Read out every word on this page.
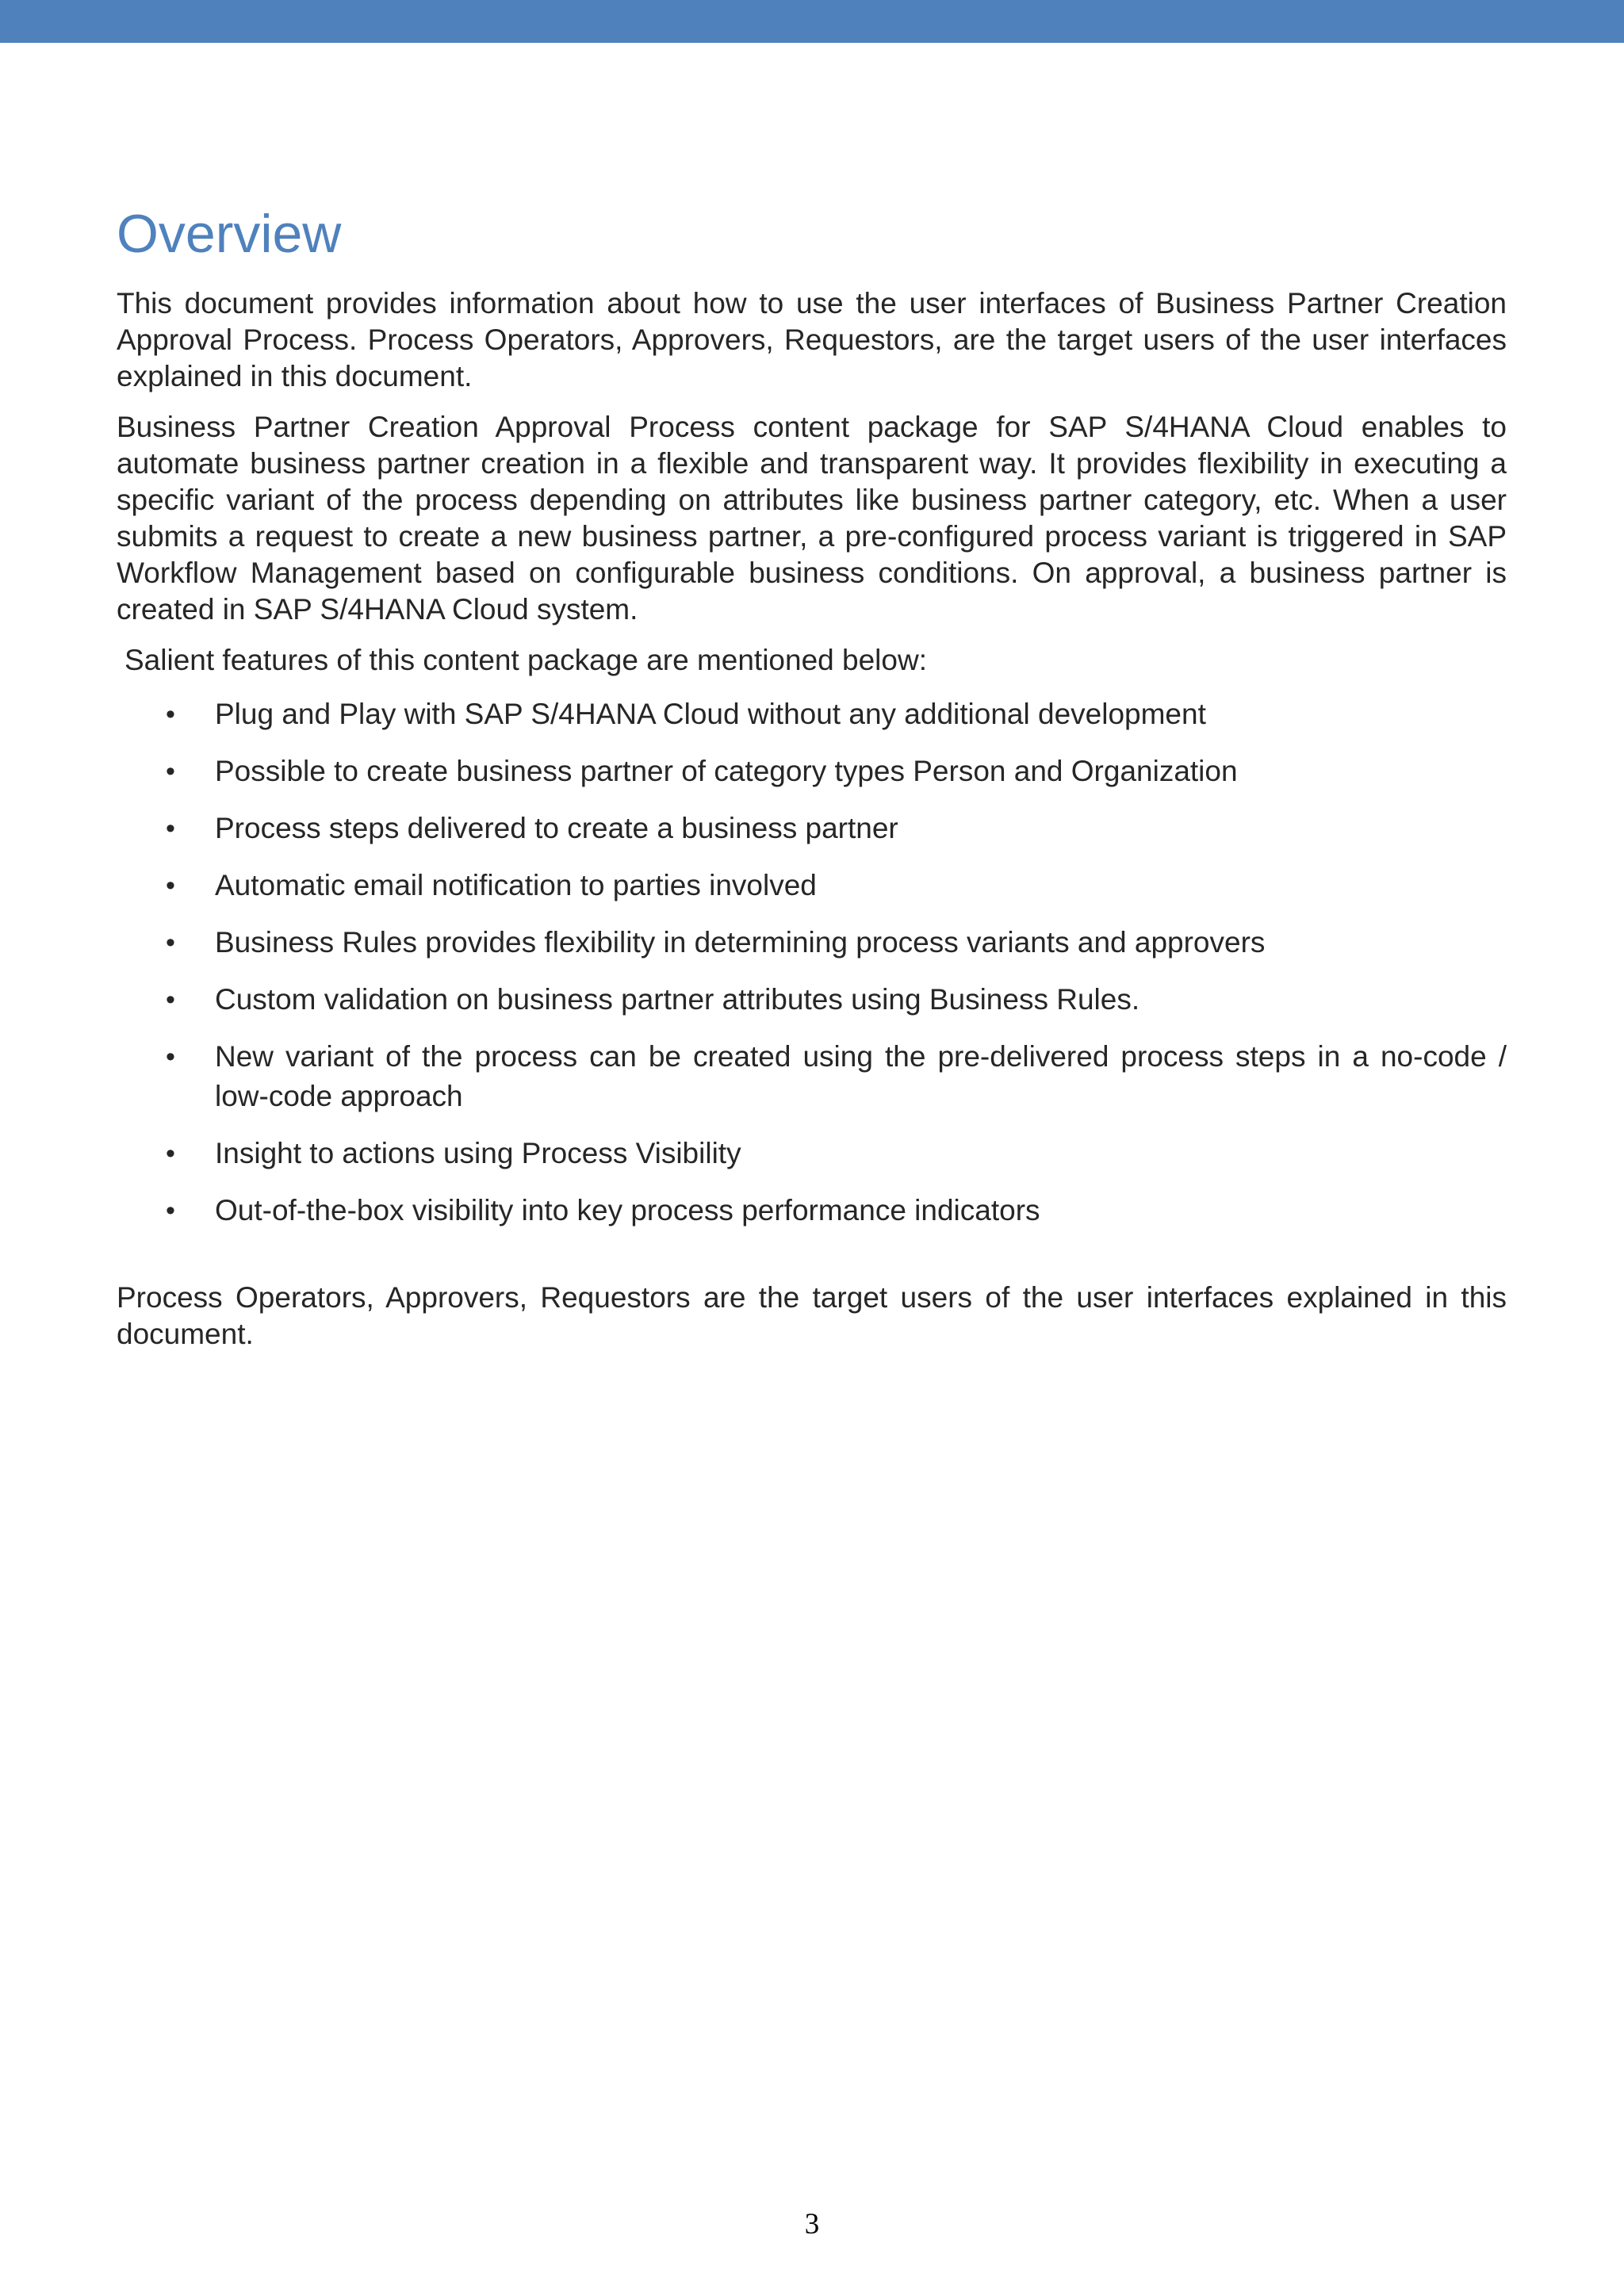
Overview

This document provides information about how to use the user interfaces of Business Partner Creation Approval Process. Process Operators, Approvers, Requestors, are the target users of the user interfaces explained in this document.

Business Partner Creation Approval Process content package for SAP S/4HANA Cloud enables to automate business partner creation in a flexible and transparent way. It provides flexibility in executing a specific variant of the process depending on attributes like business partner category, etc. When a user submits a request to create a new business partner, a pre-configured process variant is triggered in SAP Workflow Management based on configurable business conditions. On approval, a business partner is created in SAP S/4HANA Cloud system.

Salient features of this content package are mentioned below:

• Plug and Play with SAP S/4HANA Cloud without any additional development
• Possible to create business partner of category types Person and Organization
• Process steps delivered to create a business partner
• Automatic email notification to parties involved
• Business Rules provides flexibility in determining process variants and approvers
• Custom validation on business partner attributes using Business Rules.
• New variant of the process can be created using the pre-delivered process steps in a no-code / low-code approach
• Insight to actions using Process Visibility
• Out-of-the-box visibility into key process performance indicators

Process Operators, Approvers, Requestors are the target users of the user interfaces explained in this document.

3
